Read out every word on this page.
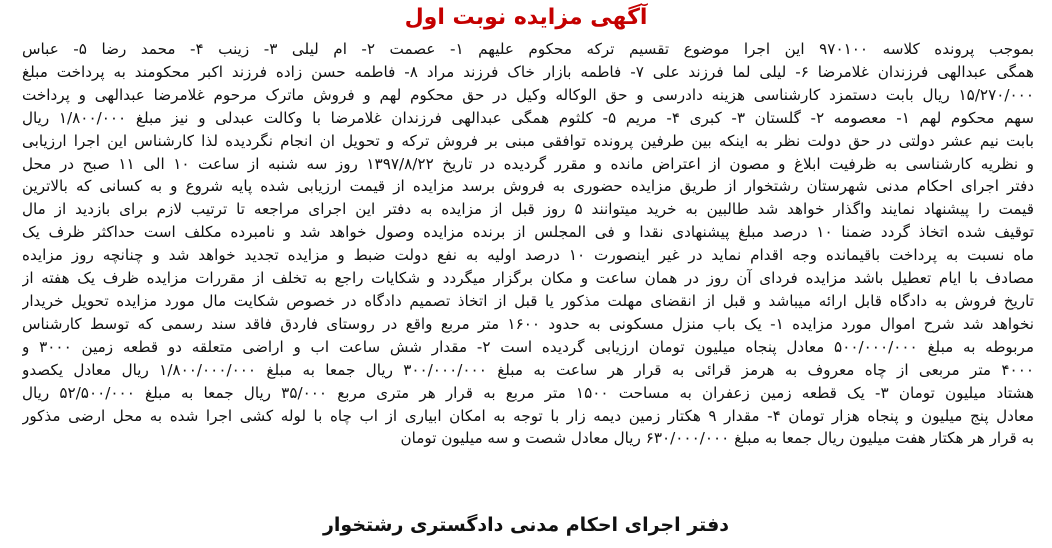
آگهی مزایده نوبت اول
بموجب پرونده کلاسه ۹۷۰۱۰۰ این اجرا موضوع تقسیم ترکه محکوم علیهم ۱- عصمت ۲- ام لیلی ۳- زینب ۴- محمد رضا ۵- عباس
همگی عبدالهی فرزندان غلامرضا ۶- لیلی لما فرزند علی ۷- فاطمه بازار خاک فرزند مراد ۸- فاطمه حسن زاده فرزند اکبر محکومند به پرداخت مبلغ
۱۵/۲۷۰/۰۰۰ ریال بابت دستمزد کارشناسی هزینه دادرسی و حق الوکاله وکیل در حق محکوم لهم و فروش ماترک مرحوم غلامرضا عبدالهی و پرداخت
سهم محکوم لهم ۱- معصومه ۲- گلستان ۳- کبری ۴- مریم ۵- کلثوم همگی عبدالهی فرزندان غلامرضا با وکالت عبدلی و نیز مبلغ ۱/۸۰۰/۰۰۰ ریال
بابت نیم عشر دولتی در حق دولت نظر به اینکه بین طرفین پرونده توافقی مبنی بر فروش ترکه و تحویل ان انجام نگردیده لذا کارشناس این اجرا ارزیابی
و نظریه کارشناسی به ظرفیت ابلاغ و مصون از اعتراض مانده و مقرر گردیده در تاریخ ۱۳۹۷/۸/۲۲ روز سه شنبه از ساعت ۱۰ الی ۱۱ صبح در محل
دفتر اجرای احکام مدنی شهرستان رشتخوار از طریق مزایده حضوری به فروش برسد مزایده از قیمت ارزیابی شده پایه شروع و به کسانی که بالاترین
قیمت را پیشنهاد نمایند واگذار خواهد شد طالبین به خرید میتوانند ۵ روز قبل از مزایده به دفتر این اجرای مراجعه تا ترتیب لازم برای بازدید از مال
توقیف شده اتخاذ گردد ضمنا ۱۰ درصد مبلغ پیشنهادی نقدا و فی المجلس از برنده مزایده وصول خواهد شد و نامبرده مکلف است حداکثر ظرف یک
ماه نسبت به پرداخت باقیمانده وجه اقدام نماید در غیر اینصورت ۱۰ درصد اولیه به نفع دولت ضبط و مزایده تجدید خواهد شد و چنانچه روز مزایده
مصادف با ایام تعطیل باشد مزایده فردای آن روز در همان ساعت و مکان برگزار میگردد و شکایات راجع به تخلف از مقررات مزایده ظرف یک هفته از
تاریخ فروش به دادگاه قابل ارائه میباشد و قبل از انقضای مهلت مذکور یا قبل از اتخاذ تصمیم دادگاه در خصوص شکایت مال مورد مزایده تحویل خریدار
نخواهد شد شرح اموال مورد مزایده ۱- یک باب منزل مسکونی به حدود ۱۶۰۰ متر مربع واقع در روستای فاردق فاقد سند رسمی که توسط کارشناس
مربوطه به مبلغ ۵۰۰/۰۰۰/۰۰۰ معادل پنجاه میلیون تومان ارزیابی گردیده است ۲- مقدار شش ساعت اب و اراضی متعلقه دو قطعه زمین ۳۰۰۰ و
۴۰۰۰ متر مربعی از چاه معروف به هرمز قرائی به قرار هر ساعت به مبلغ ۳۰۰/۰۰۰/۰۰۰ ریال جمعا به مبلغ ۱/۸۰۰/۰۰۰/۰۰۰ ریال معادل یکصدو
هشتاد میلیون تومان ۳- یک قطعه زمین زعفران به مساحت ۱۵۰۰ متر مربع به قرار هر متری مربع ۳۵/۰۰۰ ریال جمعا به مبلغ ۵۲/۵۰۰/۰۰۰ ریال
معادل پنج میلیون و پنجاه هزار تومان ۴- مقدار ۹ هکتار زمین دیمه زار با توجه به امکان ابیاری از اب چاه با لوله کشی اجرا شده به محل ارضی مذکور
به قرار هر هکتار هفت میلیون ریال جمعا به مبلغ ۶۳۰/۰۰۰/۰۰۰ ریال معادل شصت و سه میلیون تومان
دفتر اجرای احکام مدنی دادگستری رشتخوار
